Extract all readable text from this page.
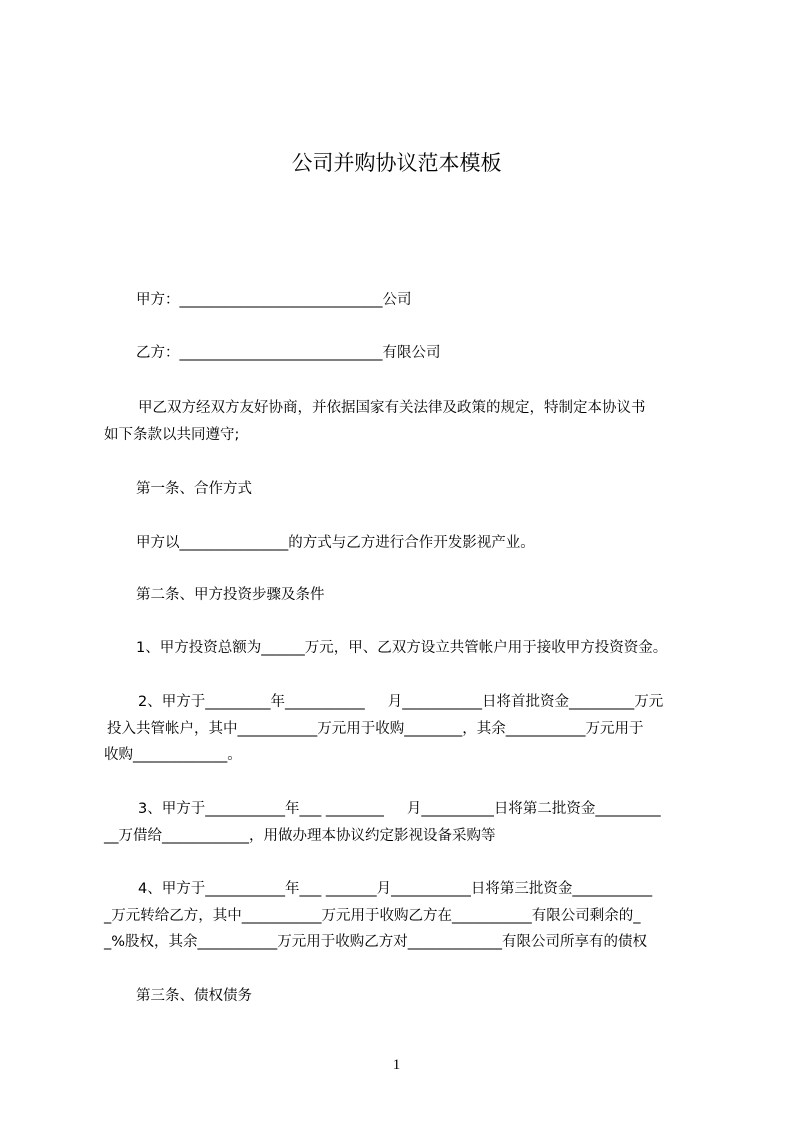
公司并购协议范本模板
甲方：____________________________公司
乙方：____________________________有限公司
甲乙双方经双方友好协商，并依据国家有关法律及政策的规定，特制定本协议书
如下条款以共同遵守;
第一条、合作方式
甲方以_______________的方式与乙方进行合作开发影视产业。
第二条、甲方投资步骤及条件
1、甲方投资总额为______万元，甲、乙双方设立共管帐户用于接收甲方投资资金。
2、甲方于_________年___________     月___________日将首批资金_________万元
投入共管帐户，其中___________万元用于收购________，其余___________万元用于
收购_____________。
3、甲方于___________年___ ________     月__________日将第二批资金_________
__万借给____________，用做办理本协议约定影视设备采购等
4、甲方于___________年___ _______月___________日将第三批资金___________
_万元转给乙方，其中___________万元用于收购乙方在___________有限公司剩余的_
_%股权，其余___________万元用于收购乙方对_____________有限公司所享有的债权
第三条、债权债务
1
